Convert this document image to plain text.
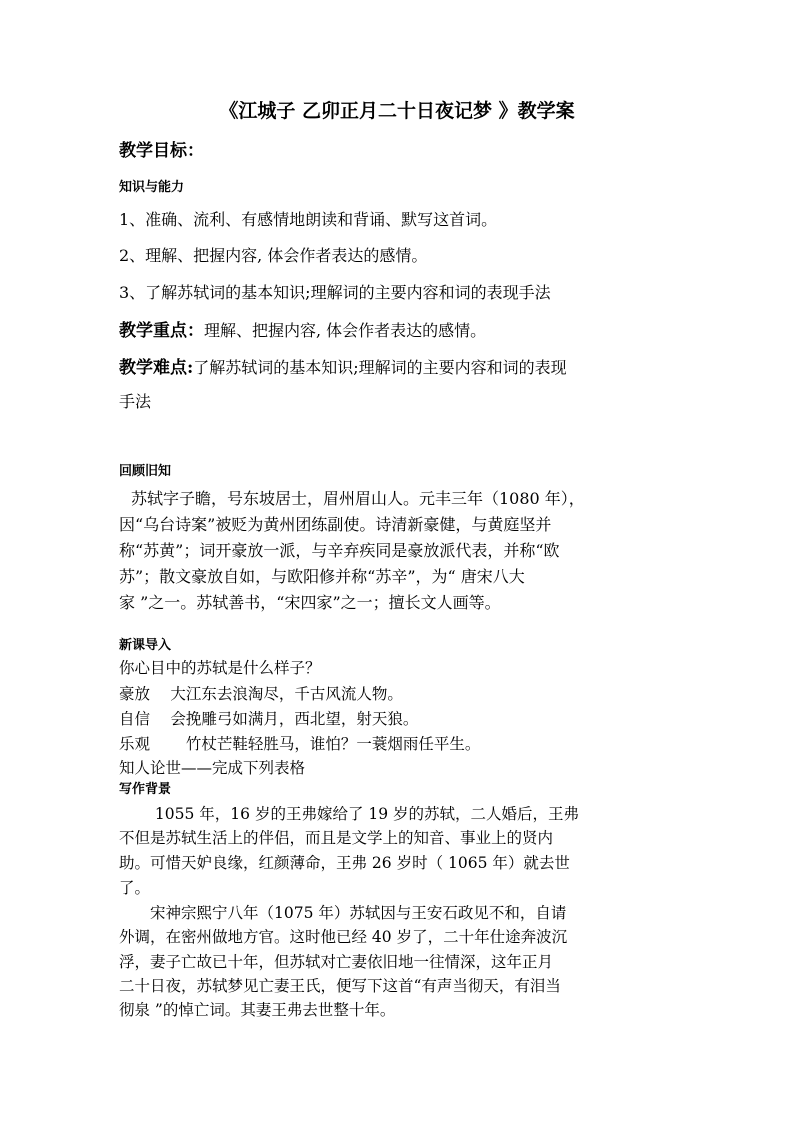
《江城子 乙卯正月二十日夜记梦 》教学案
教学目标：
知识与能力
1、准确、流利、有感情地朗读和背诵、默写这首词。
2、理解、把握内容, 体会作者表达的感情。
3、了解苏轼词的基本知识;理解词的主要内容和词的表现手法
教学重点：理解、把握内容, 体会作者表达的感情。
教学难点:了解苏轼词的基本知识;理解词的主要内容和词的表现
手法
回顾旧知
苏轼字子瞻，号东坡居士，眉州眉山人。元丰三年（1080 年），
因“乌台诗案”被贬为黄州团练副使。诗清新豪健，与黄庭坚并
称“苏黄”；词开豪放一派，与辛弃疾同是豪放派代表，并称“欧
苏”；散文豪放自如，与欧阳修并称“苏辛”，为“ 唐宋八大
家 ”之一。苏轼善书，“宋四家”之一；擅长文人画等。
新课导入
你心目中的苏轼是什么样子？
豪放　 大江东去浪淘尽，千古风流人物。
自信　 会挽雕弓如满月，西北望，射天狼。
乐观　　 竹杖芒鞋轻胜马，谁怕？一蓑烟雨任平生。
知人论世——完成下列表格
写作背景
　　 1055 年，16 岁的王弗嫁给了 19 岁的苏轼，二人婚后，王弗
不但是苏轼生活上的伴侣，而且是文学上的知音、事业上的贤内
助。可惜天妒良缘，红颜薄命，王弗 26 岁时（ 1065 年）就去世
了。
　　宋神宗熙宁八年（1075 年）苏轼因与王安石政见不和，自请
外调，在密州做地方官。这时他已经 40 岁了，二十年仕途奔波沉
浮，妻子亡故已十年，但苏轼对亡妻依旧地一往情深，这年正月
二十日夜，苏轼梦见亡妻王氏，便写下这首“有声当彻天，有泪当
彻泉 ”的悼亡词。其妻王弗去世整十年。
